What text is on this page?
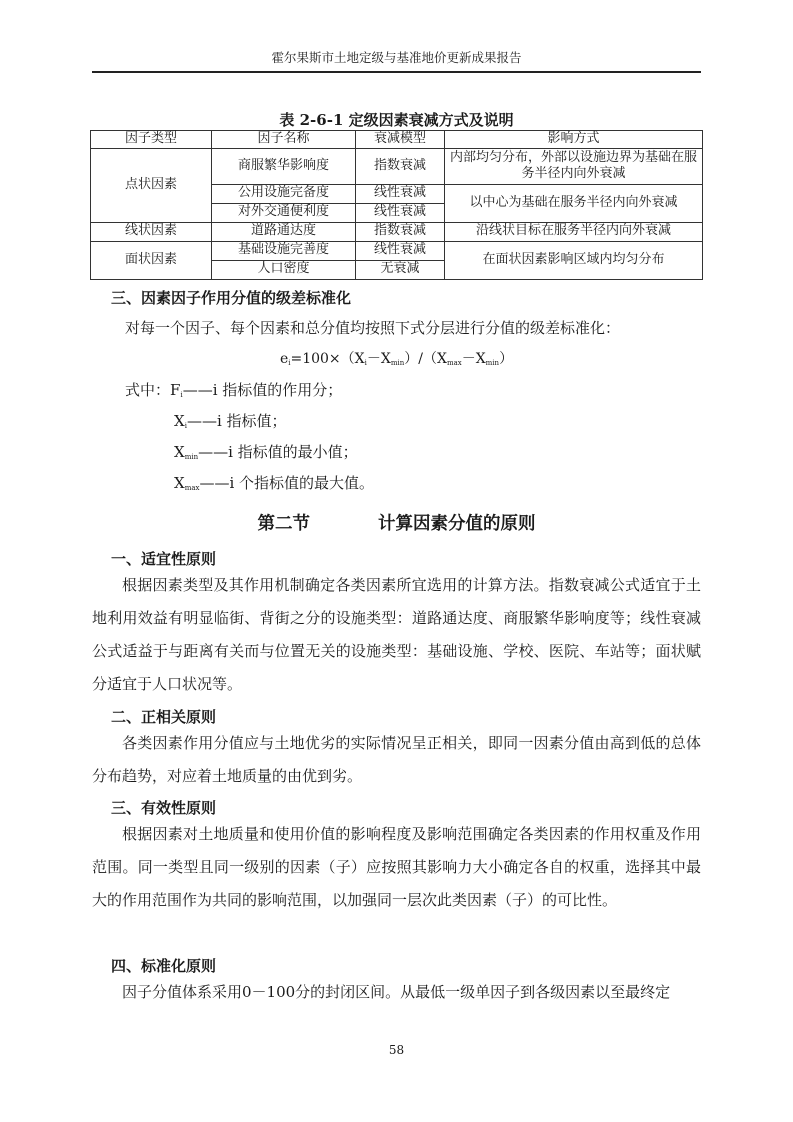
霍尔果斯市土地定级与基准地价更新成果报告
表 2-6-1 定级因素衰减方式及说明
因子类型	因子名称	衰减模型	影响方式
点状因素	商服繁华影响度	指数衰减	内部均匀分布，外部以设施边界为基础在服务半径内向外衰减
	公用设施完备度	线性衰减	以中心为基础在服务半径内向外衰减
	对外交通便利度	线性衰减	
线状因素	道路通达度	指数衰减	沿线状目标在服务半径内向外衰减
面状因素	基础设施完善度	线性衰减	在面状因素影响区域内均匀分布
	人口密度	无衰减	
三、因素因子作用分值的级差标准化
对每一个因子、每个因素和总分值均按照下式分层进行分值的级差标准化：
$e_i=100\times(X_i-X_{min})/(X_{max}-X_{min})$
式中：$F_i——i$ 指标值的作用分；
$X_i——i$ 指标值；
$X_{min}——i$ 指标值的最小值；
$X_{max}——i$ 个指标值的最大值。
第二节	计算因素分值的原则
一、适宜性原则
根据因素类型及其作用机制确定各类因素所宜选用的计算方法。指数衰减公式适宜于土地利用效益有明显临街、背街之分的设施类型：道路通达度、商服繁华影响度等；线性衰减公式适益于与距离有关而与位置无关的设施类型：基础设施、学校、医院、车站等；面状赋分适宜于人口状况等。
二、正相关原则
各类因素作用分值应与土地优劣的实际情况呈正相关，即同一因素分值由高到低的总体分布趋势，对应着土地质量的由优到劣。
三、有效性原则
根据因素对土地质量和使用价值的影响程度及影响范围确定各类因素的作用权重及作用范围。同一类型且同一级别的因素（子）应按照其影响力大小确定各自的权重，选择其中最大的作用范围作为共同的影响范围，以加强同一层次此类因素（子）的可比性。
四、标准化原则
因子分值体系采用0－100分的封闭区间。从最低一级单因子到各级因素以至最终定
58
